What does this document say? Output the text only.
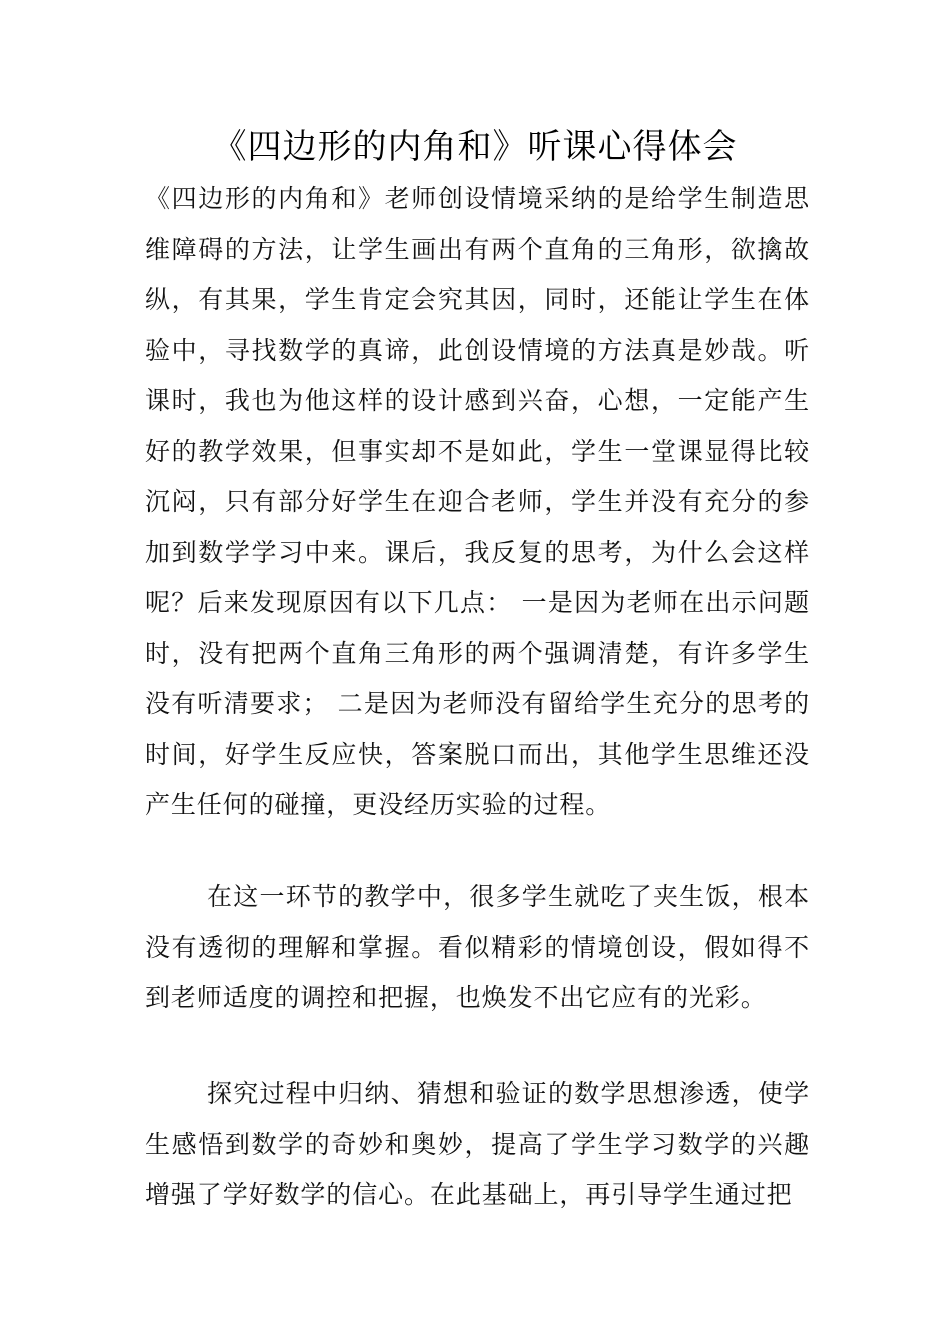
《四边形的内角和》听课心得体会

《四边形的内角和》老师创设情境采纳的是给学生制造思维障碍的方法，让学生画出有两个直角的三角形，欲擒故纵，有其果，学生肯定会究其因，同时，还能让学生在体验中，寻找数学的真谛，此创设情境的方法真是妙哉。听课时，我也为他这样的设计感到兴奋，心想，一定能产生好的教学效果，但事实却不是如此，学生一堂课显得比较沉闷，只有部分好学生在迎合老师，学生并没有充分的参加到数学学习中来。课后，我反复的思考，为什么会这样呢？后来发现原因有以下几点： 一是因为老师在出示问题时，没有把两个直角三角形的两个强调清楚，有许多学生没有听清要求； 二是因为老师没有留给学生充分的思考的时间，好学生反应快，答案脱口而出，其他学生思维还没产生任何的碰撞，更没经历实验的过程。

在这一环节的教学中，很多学生就吃了夹生饭，根本没有透彻的理解和掌握。看似精彩的情境创设，假如得不到老师适度的调控和把握，也焕发不出它应有的光彩。

探究过程中归纳、猜想和验证的数学思想渗透，使学生感悟到数学的奇妙和奥妙，提高了学生学习数学的兴趣增强了学好数学的信心。在此基础上，再引导学生通过把
